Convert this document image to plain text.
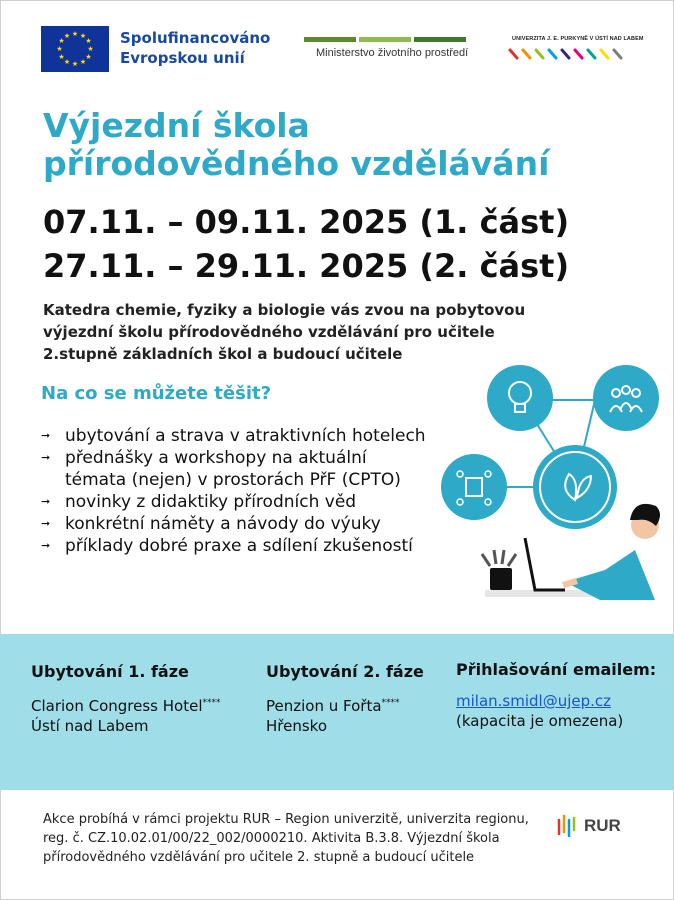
★ ★
★
★
★
★
★
★
★
★
★
★	Spolufinancováno
Evropskou unií	Ministerstvo životního prostředí
UNIVERZITA J. E. PURKYNĚ V ÚSTÍ NAD LABEM
Výjezdní škola
přírodovědného vzdělávání
07.11. – 09.11. 2025 (1. část)
27.11. – 29.11. 2025 (2. část)
Katedra chemie, fyziky a biologie vás zvou na pobytovou
výjezdní školu přírodovědného vzdělávání pro učitele
2.stupně základních škol a budoucí učitele
Na co se můžete těšit?
➞ ubytování a strava v atraktivních hotelech
➞ přednášky a workshopy na aktuální
témata (nejen) v prostorách PřF (CPTO)
➞ novinky z didaktiky přírodních věd
➞ konkrétní náměty a návody do výuky
➞ příklady dobré praxe a sdílení zkušeností
Ubytování 1. fáze
Clarion Congress Hotel****
Ústí nad Labem
Ubytování 2. fáze
Penzion u Fořta****
Hřensko
Přihlašování emailem:
milan.smidl@ujep.cz
(kapacita je omezena)
Akce probíhá v rámci projektu RUR – Region univerzitě, univerzita regionu, reg. č. CZ.10.02.01/00/22_002/0000210. Aktivita B.3.8. Výjezdní škola přírodovědného vzdělávání pro učitele 2. stupně a budoucí učitele
RUR
